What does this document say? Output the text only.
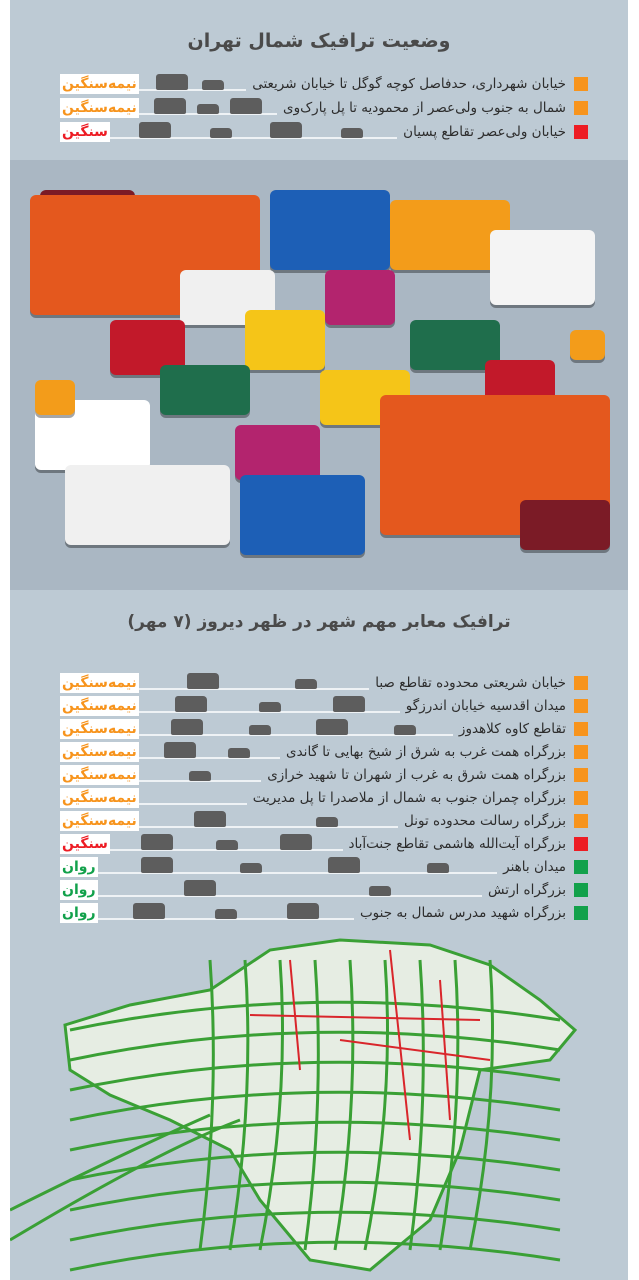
وضعیت ترافیک شمال تهران
خیابان شهرداری، حدفاصل کوچه گوگل تا خیابان شریعتی
نیمه‌سنگین
شمال به جنوب ولی‌عصر از محمودیه تا پل پارک‌وی
نیمه‌سنگین
خیابان ولی‌عصر تقاطع پسیان
سنگین
ترافیک معابر مهم شهر در ظهر دیروز (۷ مهر)
خیابان شریعتی محدوده تقاطع صبا
نیمه‌سنگین
میدان اقدسیه خیابان اندرزگو
نیمه‌سنگین
تقاطع کاوه کلاهدوز
نیمه‌سنگین
بزرگراه همت غرب به شرق از شیخ بهایی تا گاندی
نیمه‌سنگین
بزرگراه همت شرق به غرب از شهران تا شهید خرازی
نیمه‌سنگین
بزرگراه چمران جنوب به شمال از ملاصدرا تا پل مدیریت
نیمه‌سنگین
بزرگراه رسالت محدوده تونل
نیمه‌سنگین
بزرگراه آیت‌الله هاشمی تقاطع جنت‌آباد
سنگین
میدان باهنر
روان
بزرگراه ارتش
روان
بزرگراه شهید مدرس شمال به جنوب
روان
